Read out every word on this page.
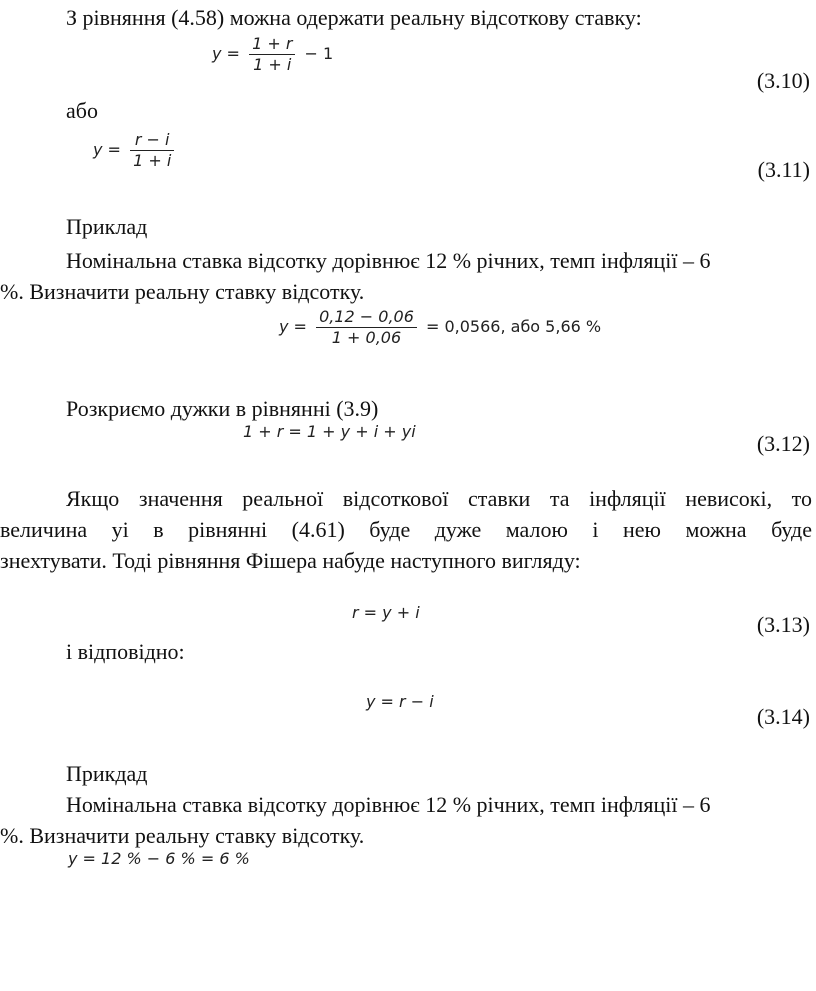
З рівняння (4.58) можна одержати реальну відсоткову ставку:
$y = \frac{1 + r}{1 + i} - 1$
(3.10)
або
$y = \frac{r - i}{1 + i}$	(3.11)
Приклад
Номінальна ставка відсотку дорівнює 12 % річних, темп інфляції – 6
%. Визначити реальну ставку відсотку.
$y = \frac{0,12 - 0,06}{1 + 0,06} = 0,0566$, або 5,66 %
Розкриємо дужки в рівнянні (3.9)
1 + r = 1 + y + i + yi	(3.12)
Якщо значення реальної відсоткової ставки та інфляції невисокі, то
величина yi в рівнянні (4.61) буде дуже малою і нею можна буде
знехтувати. Тоді рівняння Фішера набуде наступного вигляду:
r = y + i	(3.13)
і відповідно:
y = r − i
(3.14)
Прикдад
Номінальна ставка відсотку дорівнює 12 % річних, темп інфляції – 6
%. Визначити реальну ставку відсотку.
y = 12 % − 6 % = 6 %
